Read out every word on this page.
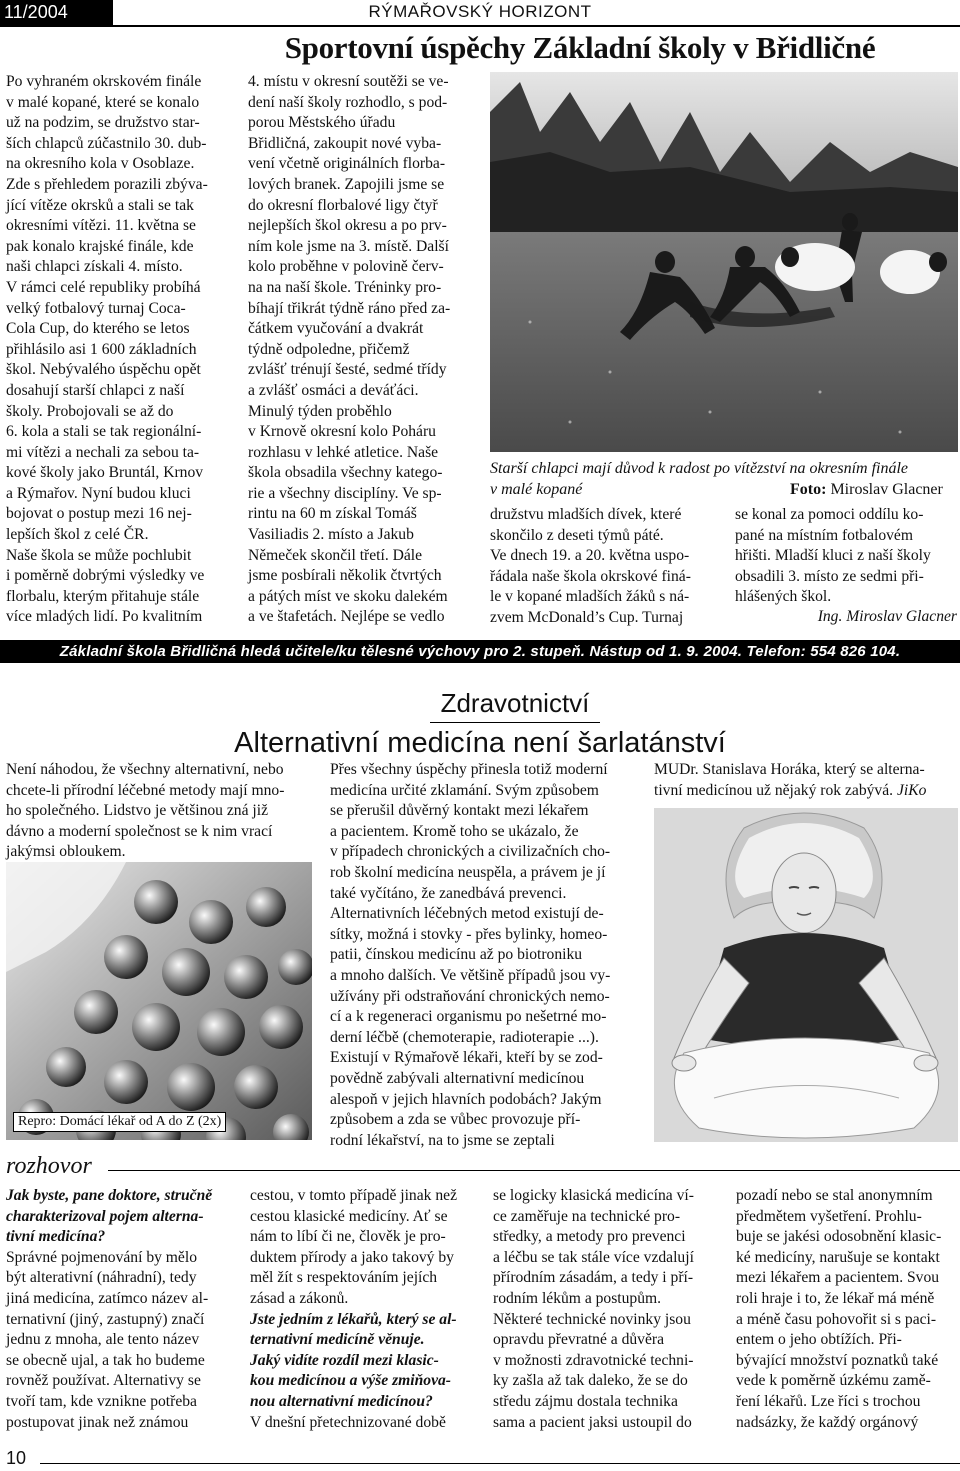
11/2004	RÝMAŘOVSKÝ HORIZONT
Sportovní úspěchy Základní školy v Břidličné
Po vyhraném okrskovém finále
v malé kopané, které se konalo
už na podzim, se družstvo star-
ších chlapců zúčastnilo 30. dub-
na okresního kola v Osoblaze.
Zde s přehledem porazili zbýva-
jící vítěze okrsků a stali se tak
okresními vítězi. 11. května se
pak konalo krajské finále, kde
naši chlapci získali 4. místo.
V rámci celé republiky probíhá
velký fotbalový turnaj Coca-
Cola Cup, do kterého se letos
přihlásilo asi 1 600 základních
škol. Nebývalého úspěchu opět
dosahují starší chlapci z naší
školy. Probojovali se až do
6. kola a stali se tak regionální-
mi vítězi a nechali za sebou ta-
kové školy jako Bruntál, Krnov
a Rýmařov. Nyní budou kluci
bojovat o postup mezi 16 nej-
lepších škol z celé ČR.
Naše škola se může pochlubit
i poměrně dobrými výsledky ve
florbalu, kterým přitahuje stále
více mladých lidí. Po kvalitním
4. místu v okresní soutěži se ve-
dení naší školy rozhodlo, s pod-
porou Městského úřadu
Břidličná, zakoupit nové vyba-
vení včetně originálních florba-
lových branek. Zapojili jsme se
do okresní florbalové ligy čtyř
nejlepších škol okresu a po prv-
ním kole jsme na 3. místě. Další
kolo proběhne v polovině červ-
na na naší škole. Tréninky pro-
bíhají třikrát týdně ráno před za-
čátkem vyučování a dvakrát
týdně odpoledne, přičemž
zvlášť trénují šesté, sedmé třídy
a zvlášť osmáci a deváťáci.
Minulý týden proběhlo
v Krnově okresní kolo Poháru
rozhlasu v lehké atletice. Naše
škola obsadila všechny katego-
rie a všechny disciplíny. Ve sp-
rintu na 60 m získal Tomáš
Vasiliadis 2. místo a Jakub
Němeček skončil třetí. Dále
jsme posbírali několik čtvrtých
a pátých míst ve skoku dalekém
a ve štafetách. Nejlépe se vedlo
Starší chlapci mají důvod k radost po vítězství na okresním finále
v malé kopané	Foto: Miroslav Glacner
družstvu mladších dívek, které
skončilo z deseti týmů páté.
Ve dnech 19. a 20. května uspo-
řádala naše škola okrskové finá-
le v kopané mladších žáků s ná-
zvem McDonald’s Cup. Turnaj
se konal za pomoci oddílu ko-
pané na místním fotbalovém
hřišti. Mladší kluci z naší školy
obsadili 3. místo ze sedmi při-
hlášených škol.
Ing. Miroslav Glacner
Základní škola Břidličná hledá učitele/ku tělesné výchovy pro 2. stupeň. Nástup od 1. 9. 2004. Telefon: 554 826 104.
Zdravotnictví
Alternativní medicína není šarlatánství
Není náhodou, že všechny alternativní, nebo
chcete-li přírodní léčebné metody mají mno-
ho společného. Lidstvo je většinou zná již
dávno a moderní společnost se k nim vrací
jakýmsi obloukem.
Repro: Domácí lékař od A do Z (2x)
Přes všechny úspěchy přinesla totiž moderní
medicína určité zklamání. Svým způsobem
se přerušil důvěrný kontakt mezi lékařem
a pacientem. Kromě toho se ukázalo, že
v případech chronických a civilizačních cho-
rob školní medicína neuspěla, a právem je jí
také vyčítáno, že zanedbává prevenci.
Alternativních léčebných metod existují de-
sítky, možná i stovky - přes bylinky, homeo-
patii, čínskou medicínu až po biotroniku
a mnoho dalších. Ve většině případů jsou vy-
užívány při odstraňování chronických nemo-
cí a k regeneraci organismu po nešetrné mo-
derní léčbě (chemoterapie, radioterapie ...).
Existují v Rýmařově lékaři, kteří by se zod-
povědně zabývali alternativní medicínou
alespoň v jejich hlavních podobách? Jakým
způsobem a zda se vůbec provozuje pří-
rodní lékařství, na to jsme se zeptali
MUDr. Stanislava Horáka, který se alterna-
tivní medicínou už nějaký rok zabývá. JiKo
rozhovor
Jak byste, pane doktore, stručně
charakterizoval pojem alterna-
tivní medicína?
Správné pojmenování by mělo
být alterativní (náhradní), tedy
jiná medicína, zatímco název al-
ternativní (jiný, zastupný) značí
jednu z mnoha, ale tento název
se obecně ujal, a tak ho budeme
rovněž používat. Alternativy se
tvoří tam, kde vznikne potřeba
postupovat jinak než známou
cestou, v tomto případě jinak než
cestou klasické medicíny. Ať se
nám to líbí či ne, člověk je pro-
duktem přírody a jako takový by
měl žít s respektováním jejích
zásad a zákonů.
Jste jedním z lékařů, který se al-
ternativní medicíně věnuje.
Jaký vidíte rozdíl mezi klasic-
kou medicínou a výše zmiňova-
nou alternativní medicínou?
V dnešní přetechnizované době
se logicky klasická medicína ví-
ce zaměřuje na technické pro-
středky, a metody pro prevenci
a léčbu se tak stále více vzdalují
přírodním zásadám, a tedy i pří-
rodním lékům a postupům.
Některé technické novinky jsou
opravdu převratné a důvěra
v možnosti zdravotnické techni-
ky zašla až tak daleko, že se do
středu zájmu dostala technika
sama a pacient jaksi ustoupil do
pozadí nebo se stal anonymním
předmětem vyšetření. Prohlu-
buje se jakési odosobnění klasic-
ké medicíny, narušuje se kontakt
mezi lékařem a pacientem. Svou
roli hraje i to, že lékař má méně
a méně času pohovořit si s paci-
entem o jeho obtížích. Při-
bývající množství poznatků také
vede k poměrně úzkému zamě-
ření lékařů. Lze říci s trochou
nadsázky, že každý orgánový
10
